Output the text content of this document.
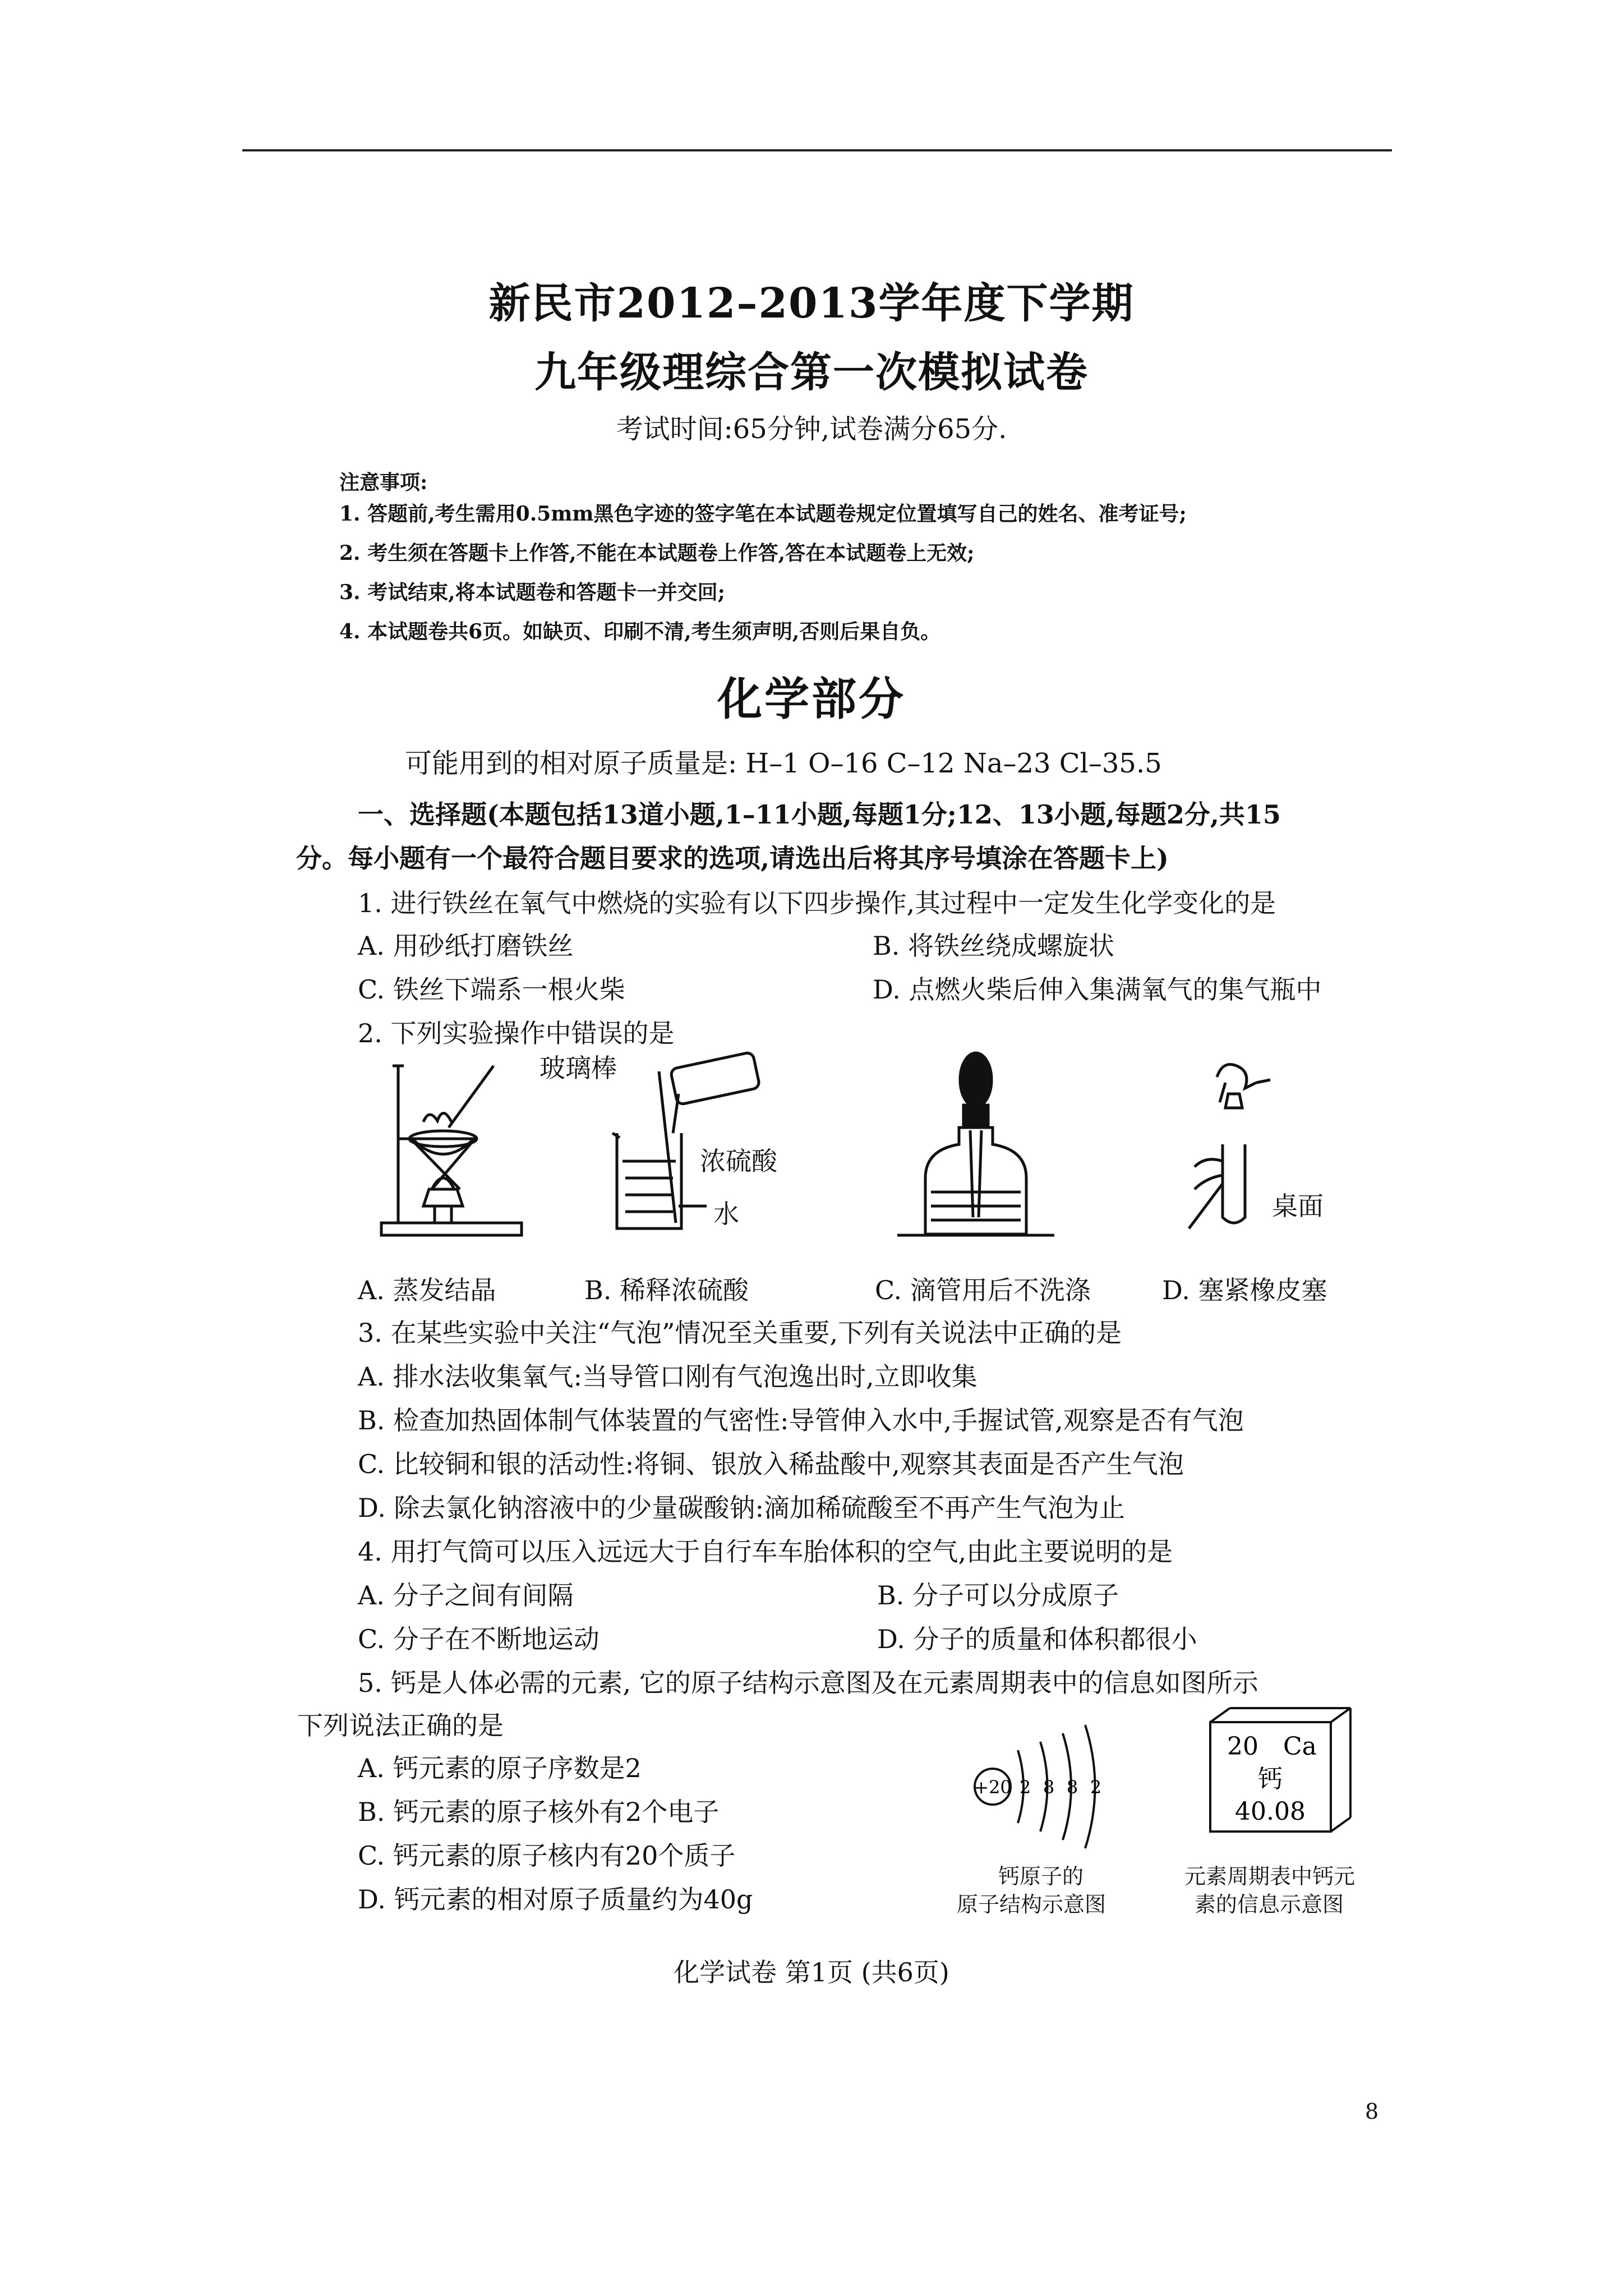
新民市2012–2013学年度下学期
九年级理综合第一次模拟试卷
考试时间:65分钟,试卷满分65分.
注意事项:
1. 答题前,考生需用0.5mm黑色字迹的签字笔在本试题卷规定位置填写自己的姓名、准考证号;
2. 考生须在答题卡上作答,不能在本试题卷上作答,答在本试题卷上无效;
3. 考试结束,将本试题卷和答题卡一并交回;
4. 本试题卷共6页。如缺页、印刷不清,考生须声明,否则后果自负。
化学部分
可能用到的相对原子质量是: H–1 O–16 C–12 Na–23 Cl–35.5
一、选择题(本题包括13道小题,1–11小题,每题1分;12、13小题,每题2分,共15
分。每小题有一个最符合题目要求的选项,请选出后将其序号填涂在答题卡上)
1. 进行铁丝在氧气中燃烧的实验有以下四步操作,其过程中一定发生化学变化的是
A. 用砂纸打磨铁丝	B. 将铁丝绕成螺旋状
C. 铁丝下端系一根火柴	D. 点燃火柴后伸入集满氧气的集气瓶中
2. 下列实验操作中错误的是
玻璃棒
浓硫酸
水	桌面
A. 蒸发结晶	B. 稀释浓硫酸	C. 滴管用后不洗涤	D. 塞紧橡皮塞
3. 在某些实验中关注“气泡”情况至关重要,下列有关说法中正确的是
A. 排水法收集氧气:当导管口刚有气泡逸出时,立即收集
B. 检查加热固体制气体装置的气密性:导管伸入水中,手握试管,观察是否有气泡
C. 比较铜和银的活动性:将铜、银放入稀盐酸中,观察其表面是否产生气泡
D. 除去氯化钠溶液中的少量碳酸钠:滴加稀硫酸至不再产生气泡为止
4. 用打气筒可以压入远远大于自行车车胎体积的空气,由此主要说明的是
A. 分子之间有间隔	B. 分子可以分成原子
C. 分子在不断地运动	D. 分子的质量和体积都很小
5. 钙是人体必需的元素, 它的原子结构示意图及在元素周期表中的信息如图所示
下列说法正确的是
A. 钙元素的原子序数是2
B. 钙元素的原子核外有2个电子
C. 钙元素的原子核内有20个质子
D. 钙元素的相对原子质量约为40g
+20 2 8 8 2
钙原子的
原子结构示意图
20 Ca
钙
40.08
元素周期表中钙元
素的信息示意图
化学试卷 第1页 (共6页)
8
